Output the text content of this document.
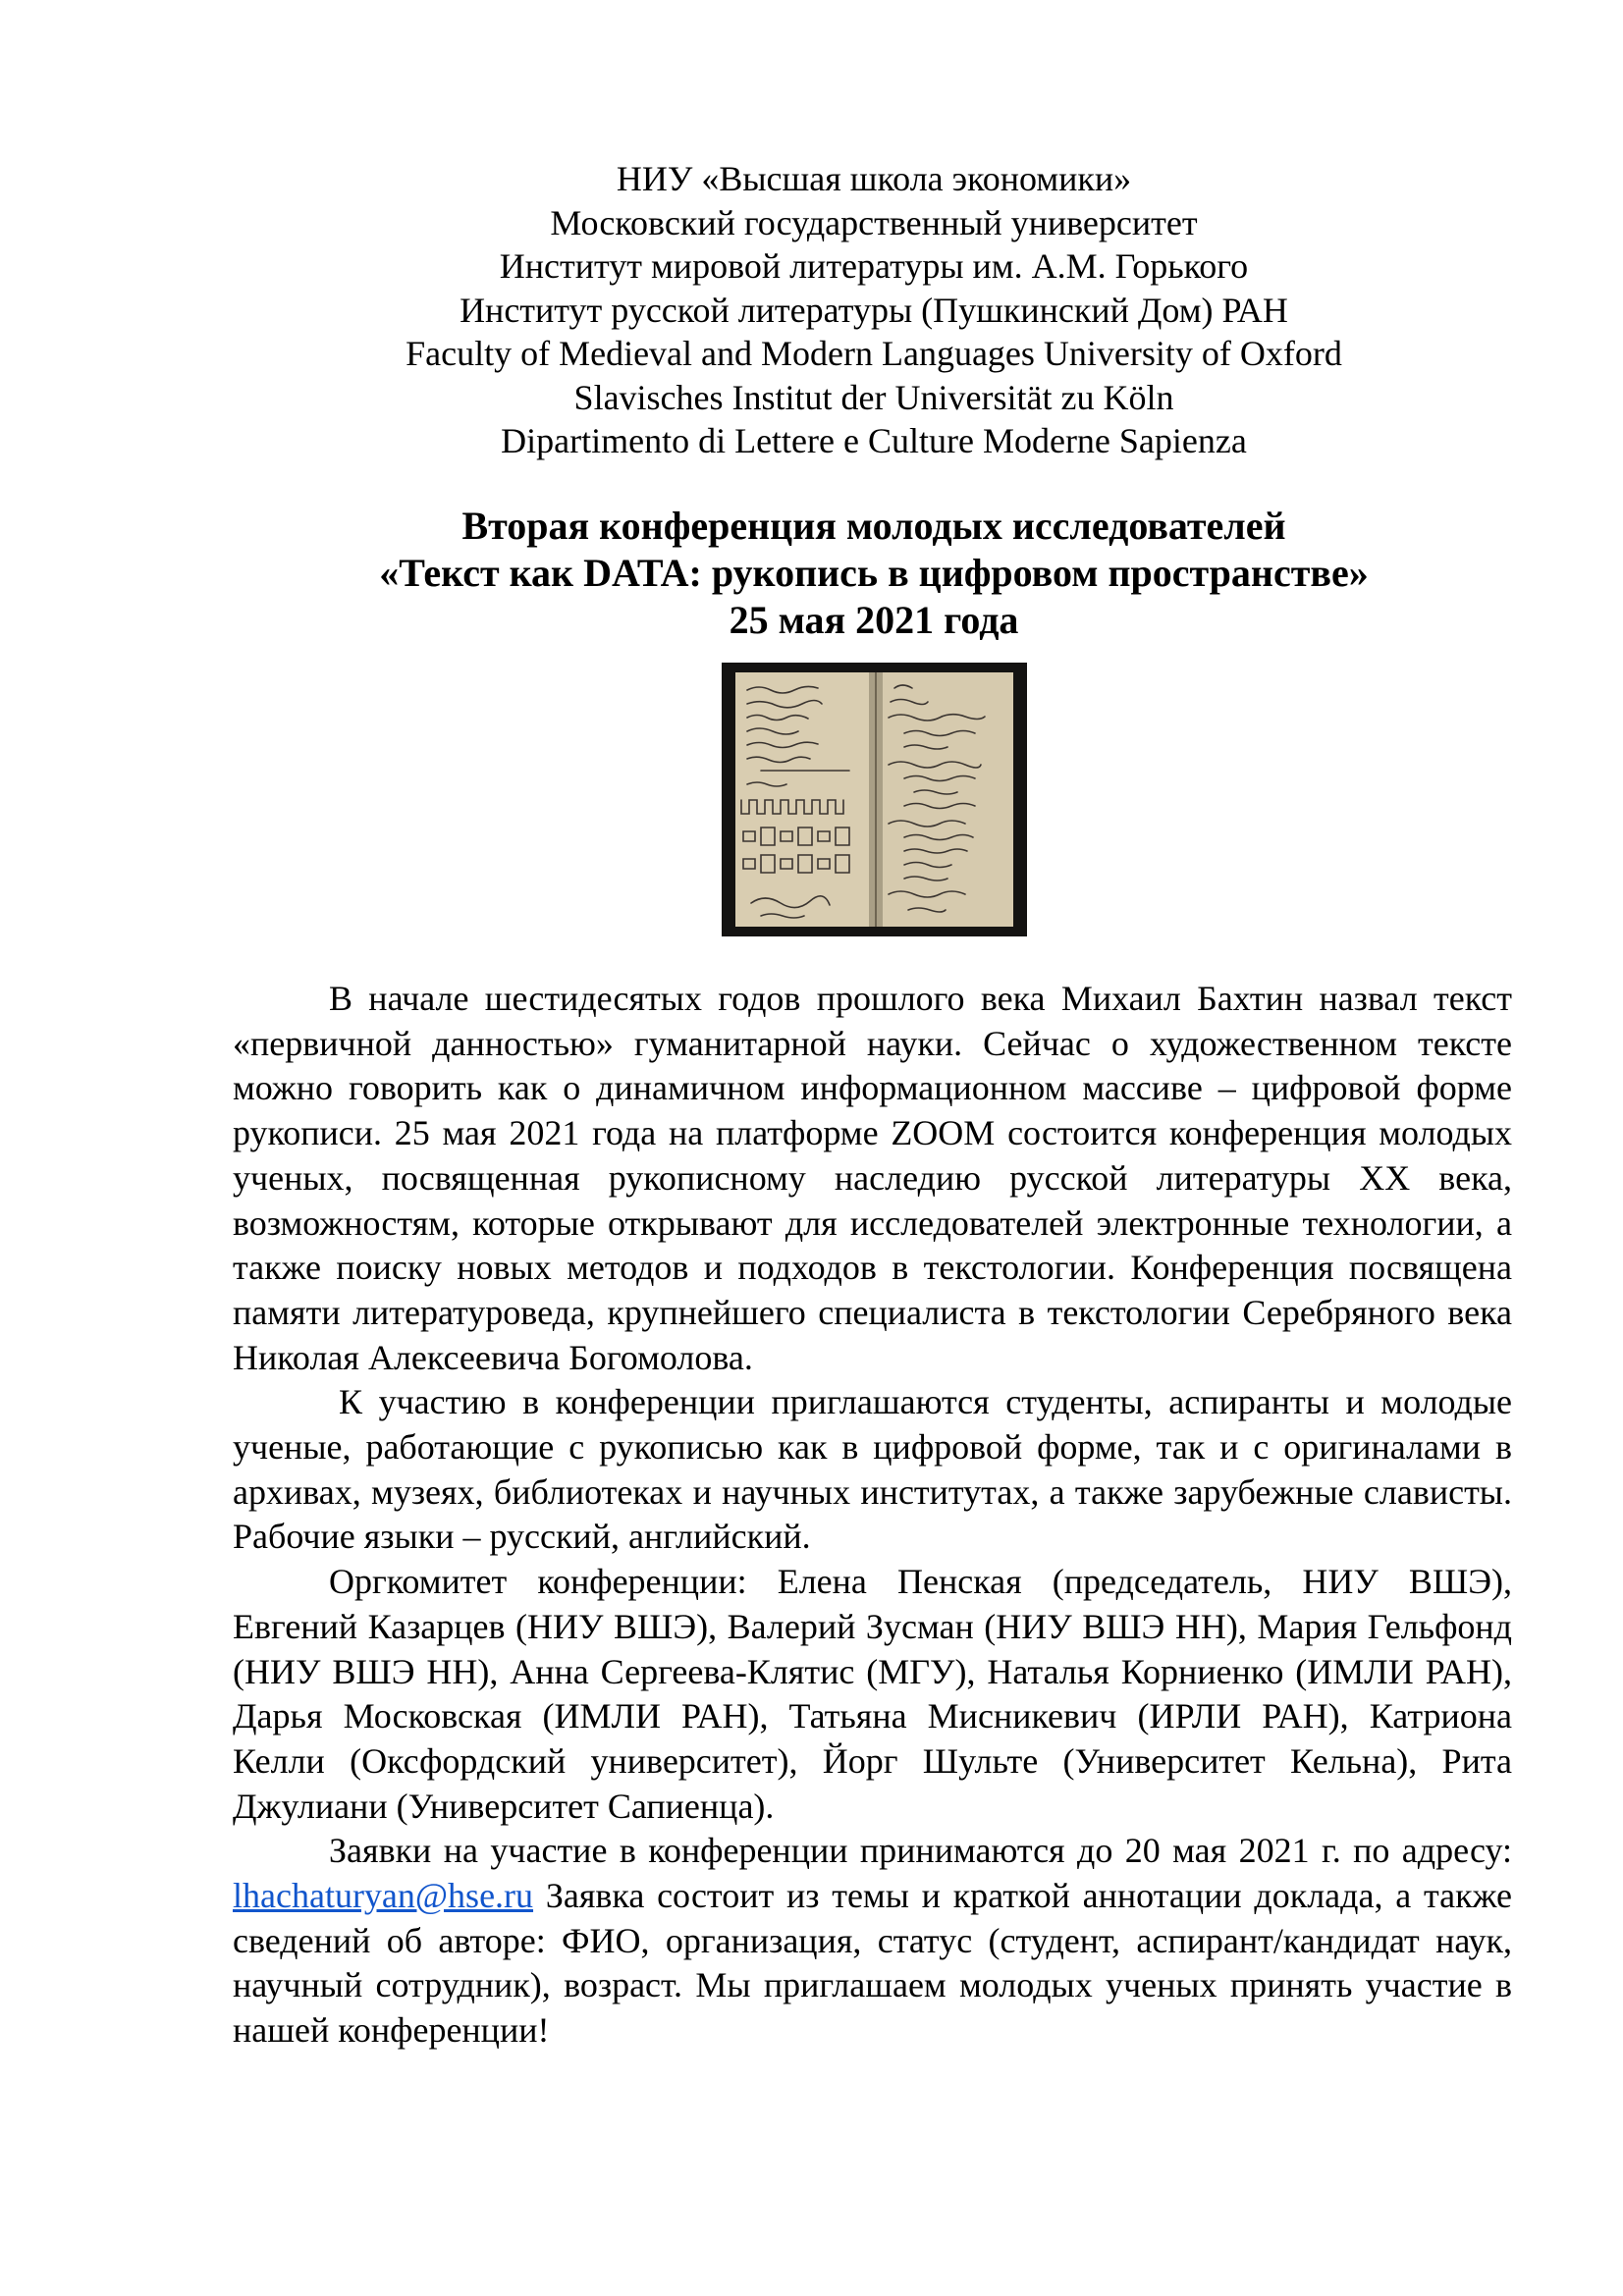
НИУ «Высшая школа экономики»
Московский государственный университет
Институт мировой литературы им. А.М. Горького
Институт русской литературы (Пушкинский Дом) РАН
Faculty of Medieval and Modern Languages University of Oxford
Slavisches Institut der Universität zu Köln
Dipartimento di Lettere e Culture Moderne Sapienza
Вторая конференция молодых исследователей
«Текст как DATA: рукопись в цифровом пространстве»
25 мая 2021 года

В начале шестидесятых годов прошлого века Михаил Бахтин назвал текст «первичной данностью» гуманитарной науки. Сейчас о художественном тексте можно говорить как о динамичном информационном массиве – цифровой форме рукописи. 25 мая 2021 года на платформе ZOOM состоится конференция молодых ученых, посвященная рукописному наследию русской литературы XX века, возможностям, которые открывают для исследователей электронные технологии, а также поиску новых методов и подходов в текстологии. Конференция посвящена памяти литературоведа, крупнейшего специалиста в текстологии Серебряного века Николая Алексеевича Богомолова.

К участию в конференции приглашаются студенты, аспиранты и молодые ученые, работающие с рукописью как в цифровой форме, так и с оригиналами в архивах, музеях, библиотеках и научных институтах, а также зарубежные слависты. Рабочие языки – русский, английский.

Оргкомитет конференции: Елена Пенская (председатель, НИУ ВШЭ), Евгений Казарцев (НИУ ВШЭ), Валерий Зусман (НИУ ВШЭ НН), Мария Гельфонд (НИУ ВШЭ НН), Анна Сергеева-Клятис (МГУ), Наталья Корниенко (ИМЛИ РАН), Дарья Московская (ИМЛИ РАН), Татьяна Мисникевич (ИРЛИ РАН), Катриона Келли (Оксфордский университет), Йорг Шульте (Университет Кельна), Рита Джулиани (Университет Сапиенца).

Заявки на участие в конференции принимаются до 20 мая 2021 г. по адресу: lhachaturyan@hse.ru Заявка состоит из темы и краткой аннотации доклада, а также сведений об авторе: ФИО, организация, статус (студент, аспирант/кандидат наук, научный сотрудник), возраст. Мы приглашаем молодых ученых принять участие в нашей конференции!
